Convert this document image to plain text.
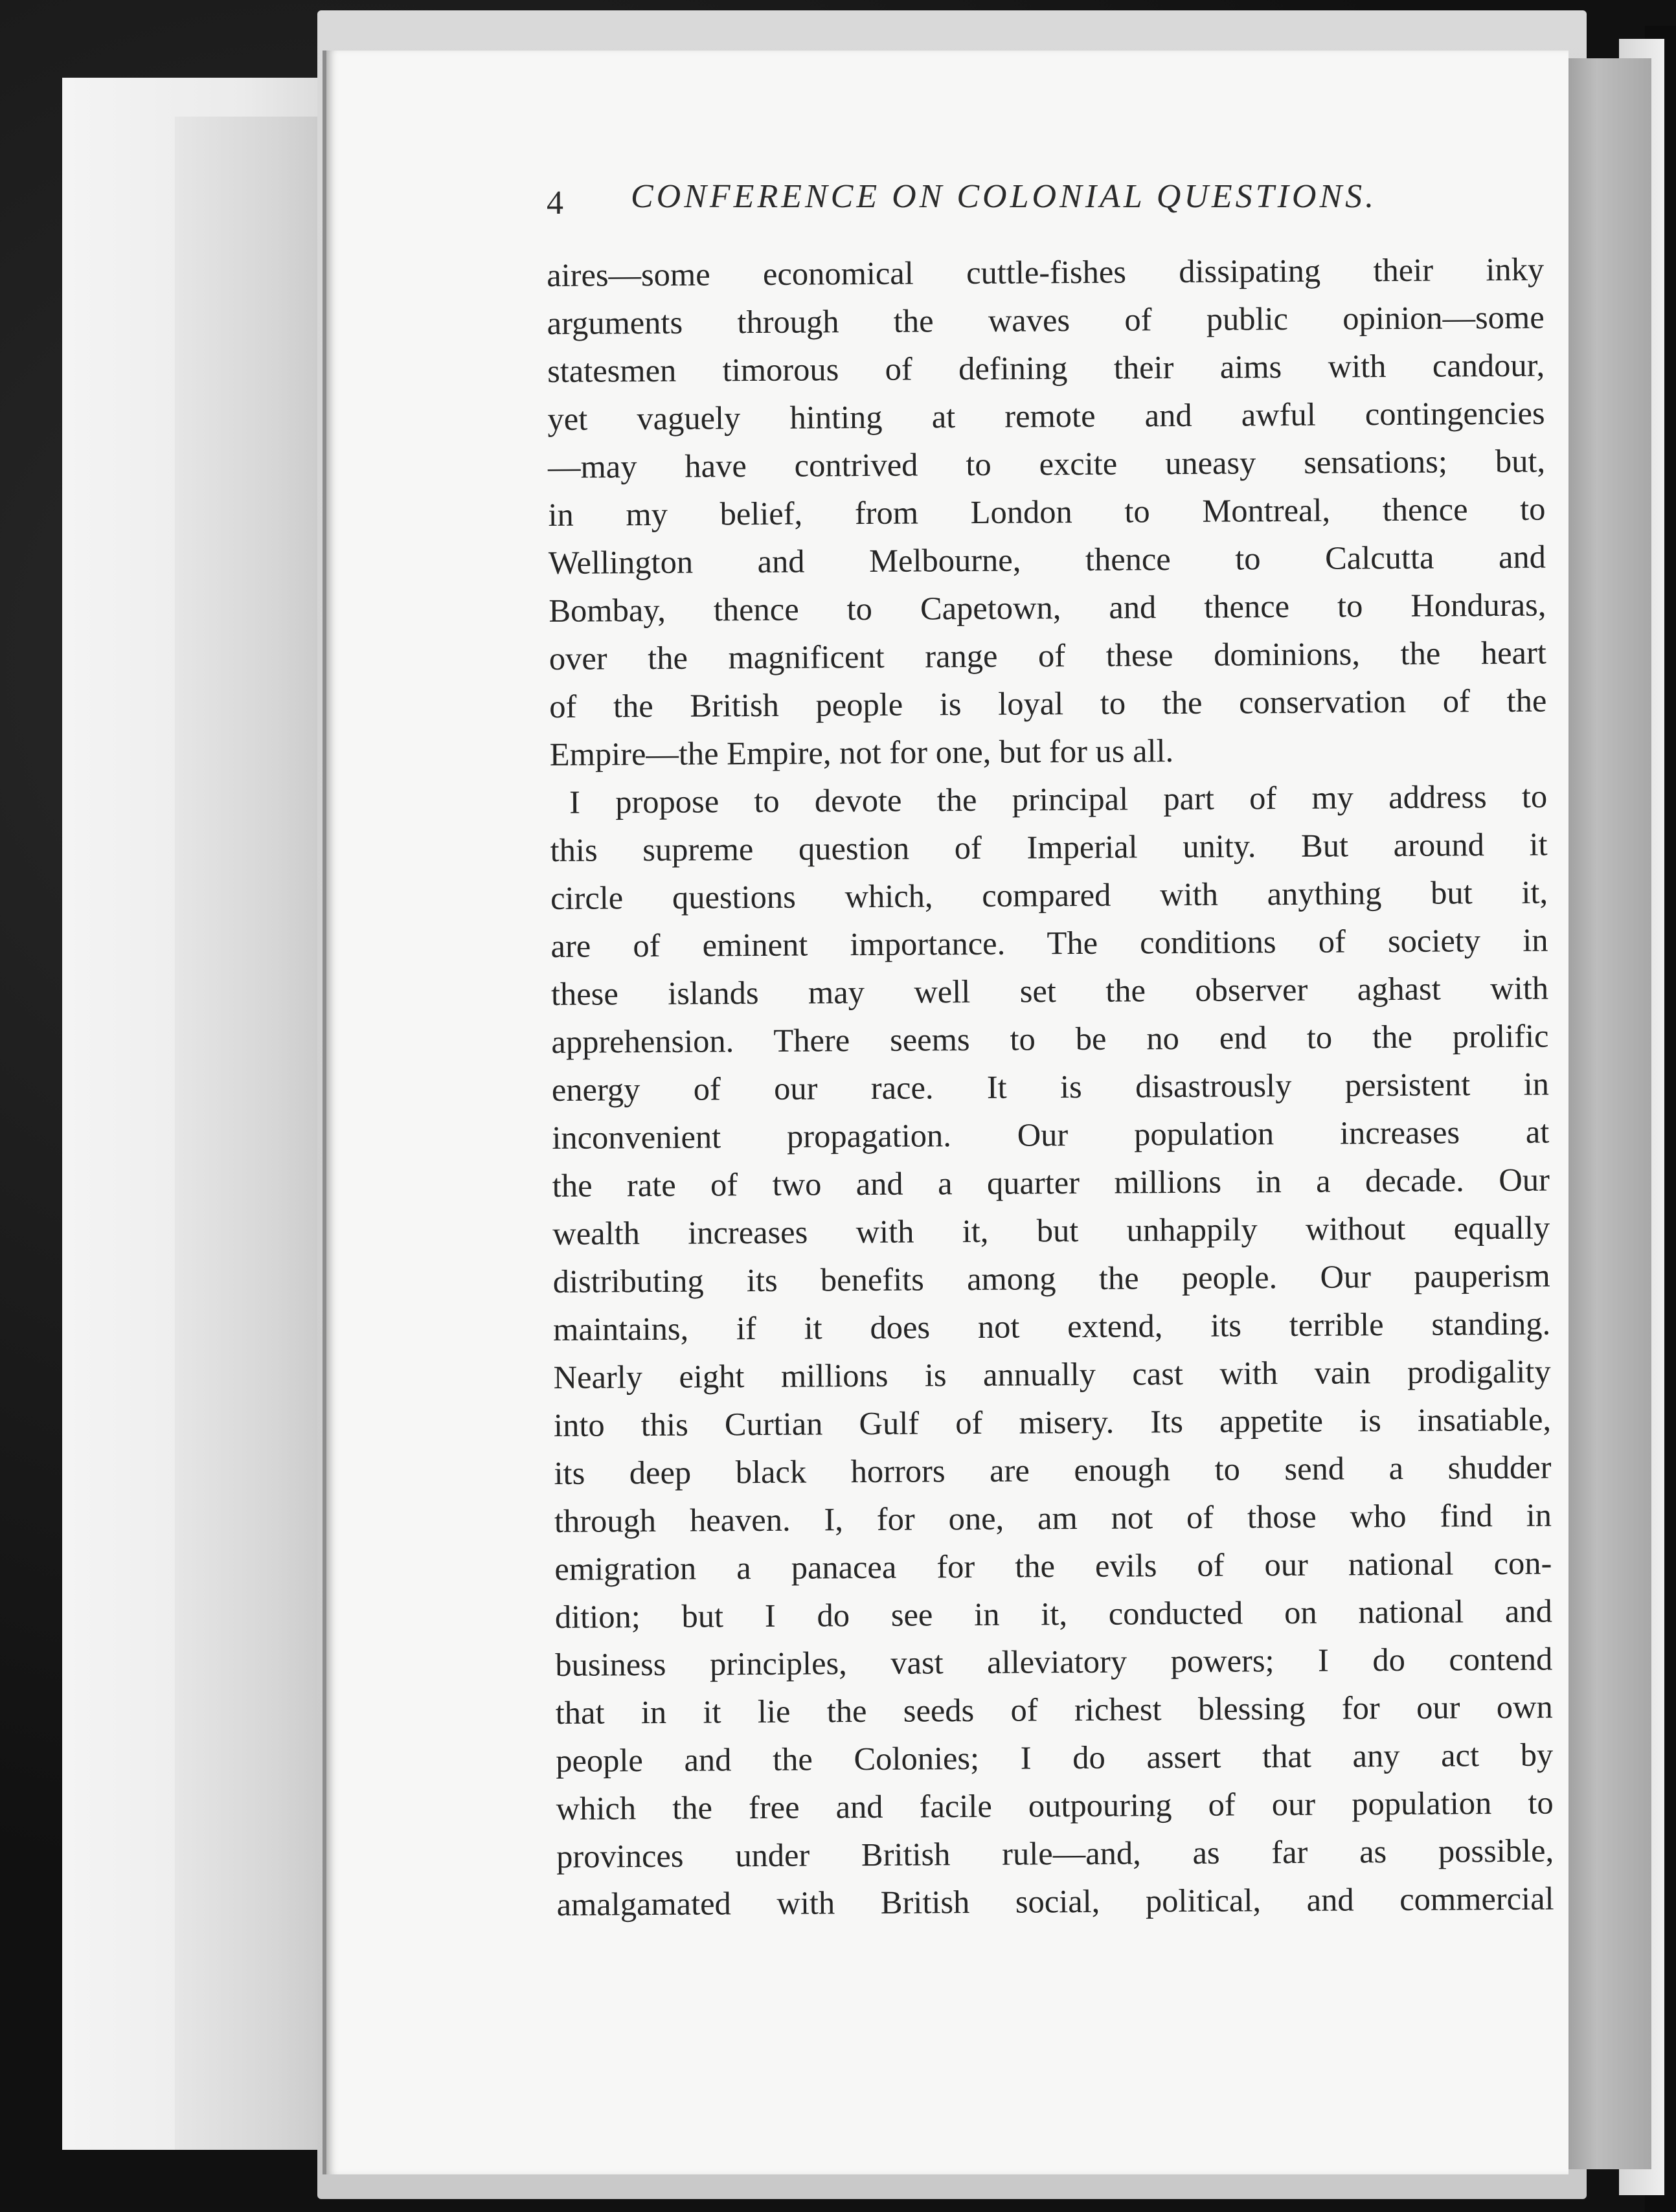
4 CONFERENCE ON COLONIAL QUESTIONS.
aires—some economical cuttle-fishes dissipating their inky
arguments through the waves of public opinion—some
statesmen timorous of defining their aims with candour,
yet vaguely hinting at remote and awful contingencies
—may have contrived to excite uneasy sensations; but,
in my belief, from London to Montreal, thence to
Wellington and Melbourne, thence to Calcutta and
Bombay, thence to Capetown, and thence to Honduras,
over the magnificent range of these dominions, the heart
of the British people is loyal to the conservation of the
Empire—the Empire, not for one, but for us all.
I propose to devote the principal part of my address to
this supreme question of Imperial unity. But around it
circle questions which, compared with anything but it,
are of eminent importance. The conditions of society in
these islands may well set the observer aghast with
apprehension. There seems to be no end to the prolific
energy of our race. It is disastrously persistent in
inconvenient propagation. Our population increases at
the rate of two and a quarter millions in a decade. Our
wealth increases with it, but unhappily without equally
distributing its benefits among the people. Our pauperism
maintains, if it does not extend, its terrible standing.
Nearly eight millions is annually cast with vain prodigality
into this Curtian Gulf of misery. Its appetite is insatiable,
its deep black horrors are enough to send a shudder
through heaven. I, for one, am not of those who find in
emigration a panacea for the evils of our national con-
dition; but I do see in it, conducted on national and
business principles, vast alleviatory powers; I do contend
that in it lie the seeds of richest blessing for our own
people and the Colonies; I do assert that any act by
which the free and facile outpouring of our population to
provinces under British rule—and, as far as possible,
amalgamated with British social, political, and commercial
